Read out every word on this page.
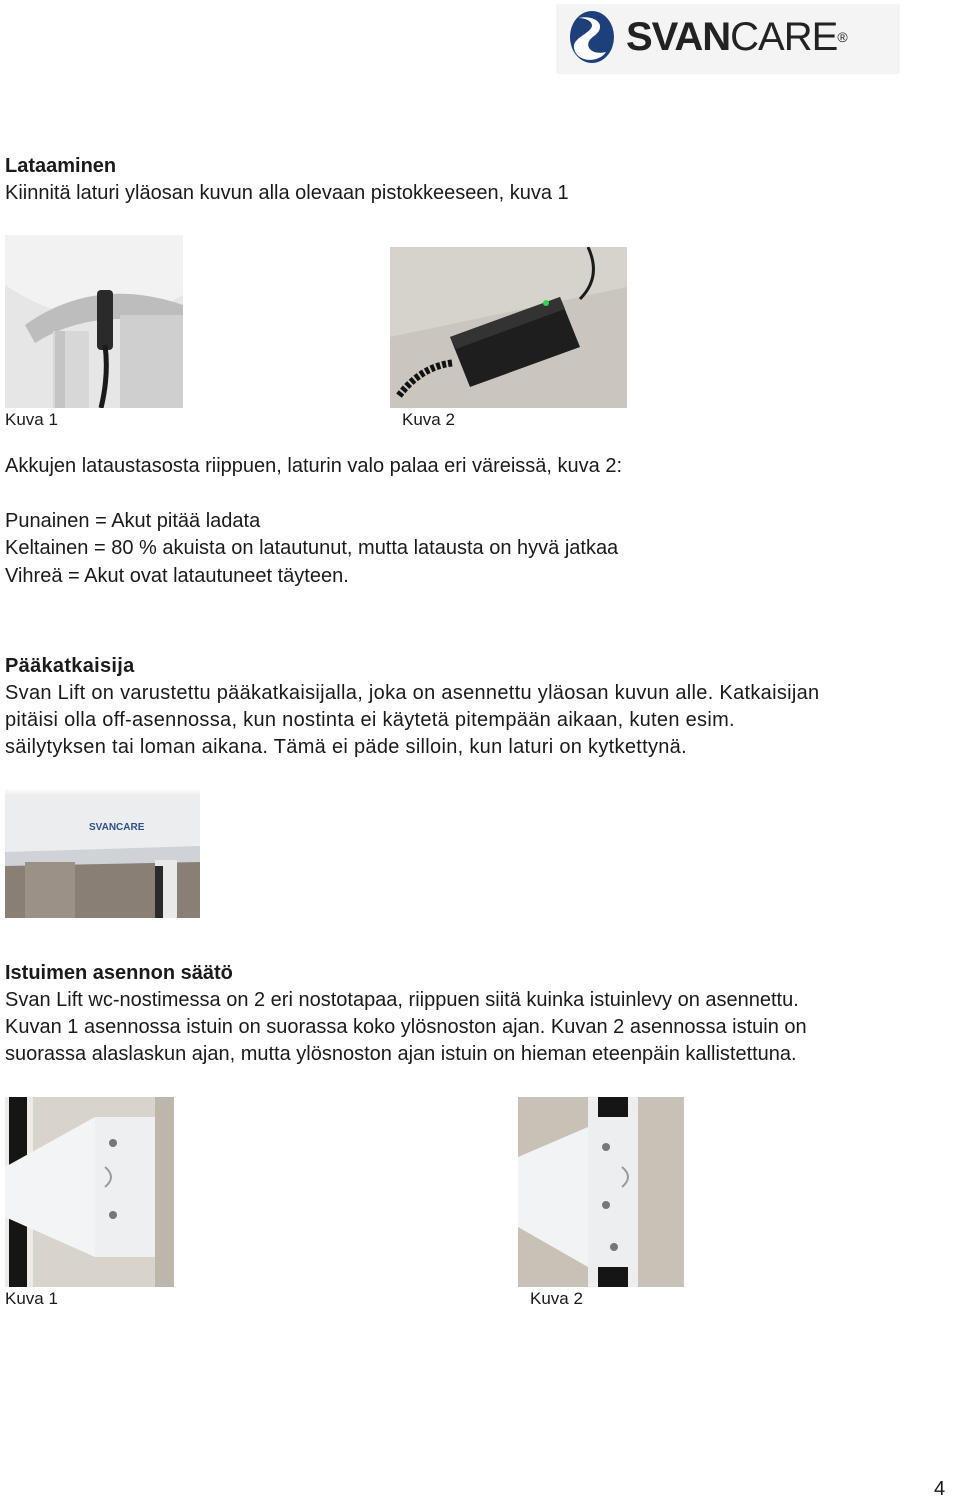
SVANCARE®
Lataaminen
Kiinnitä laturi yläosan kuvun alla olevaan pistokkeeseen, kuva 1
Kuva 1	Kuva 2
Akkujen lataustasosta riippuen, laturin valo palaa eri väreissä, kuva 2:
Punainen = Akut pitää ladata
Keltainen = 80 % akuista on latautunut, mutta latausta on hyvä jatkaa
Vihreä = Akut ovat latautuneet täyteen.
Pääkatkaisija
Svan Lift on varustettu pääkatkaisijalla, joka on asennettu yläosan kuvun alle. Katkaisijan
pitäisi olla off-asennossa, kun nostinta ei käytetä pitempään aikaan, kuten esim.
säilytyksen tai loman aikana. Tämä ei päde silloin, kun laturi on kytkettynä.
SVANCARE
Istuimen asennon säätö
Svan Lift wc-nostimessa on 2 eri nostotapaa, riippuen siitä kuinka istuinlevy on asennettu.
Kuvan 1 asennossa istuin on suorassa koko ylösnoston ajan. Kuvan 2 asennossa istuin on
suorassa alaslaskun ajan, mutta ylösnoston ajan istuin on hieman eteenpäin kallistettuna.
Kuva 1	Kuva 2
4
